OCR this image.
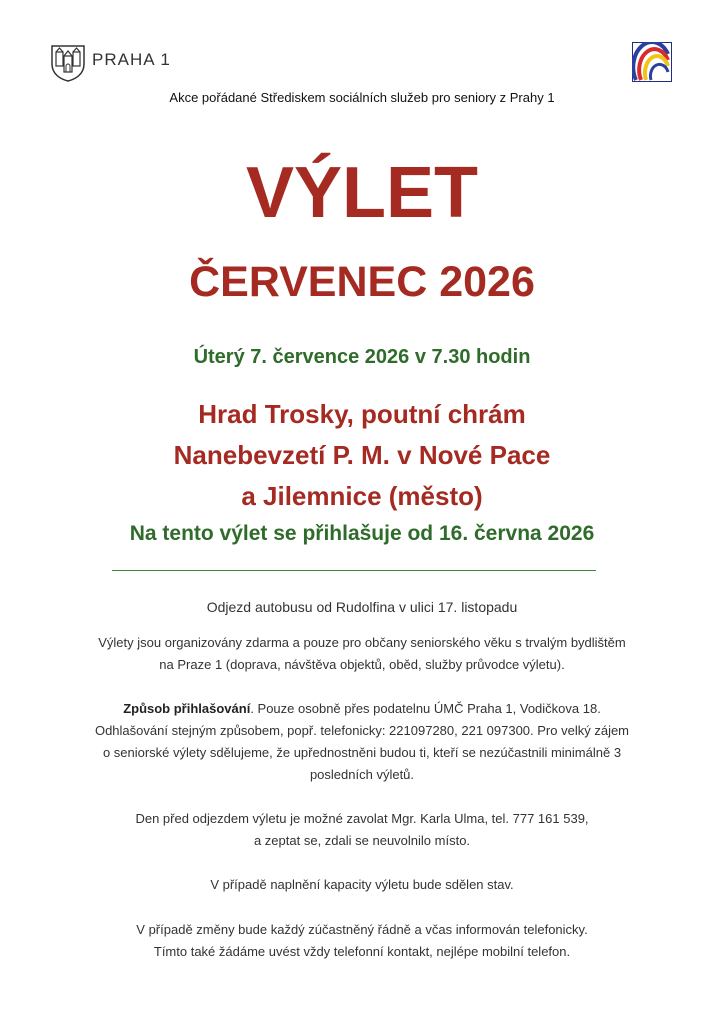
PRAHA 1
Akce pořádané Střediskem sociálních služeb pro seniory z Prahy 1
VÝLET
ČERVENEC 2026
Úterý 7. července 2026 v 7.30 hodin
Hrad Trosky, poutní chrám
Nanebevzetí P. M. v Nové Pace
a Jilemnice (město)
Na tento výlet se přihlašuje od 16. června 2026
Odjezd autobusu od Rudolfina v ulici 17. listopadu
Výlety jsou organizovány zdarma a pouze pro občany seniorského věku s trvalým bydlištěm
na Praze 1 (doprava, návštěva objektů, oběd, služby průvodce výletu).
Způsob přihlašování. Pouze osobně přes podatelnu ÚMČ Praha 1, Vodičkova 18.
Odhlašování stejným způsobem, popř. telefonicky: 221097280, 221 097300. Pro velký zájem
o seniorské výlety sdělujeme, že upřednostněni budou ti, kteří se nezúčastnili minimálně 3
posledních výletů.
Den před odjezdem výletu je možné zavolat Mgr. Karla Ulma, tel. 777 161 539,
a zeptat se, zdali se neuvolnilo místo.
V případě naplnění kapacity výletu bude sdělen stav.
V případě změny bude každý zúčastněný řádně a včas informován telefonicky.
Tímto také žádáme uvést vždy telefonní kontakt, nejlépe mobilní telefon.
